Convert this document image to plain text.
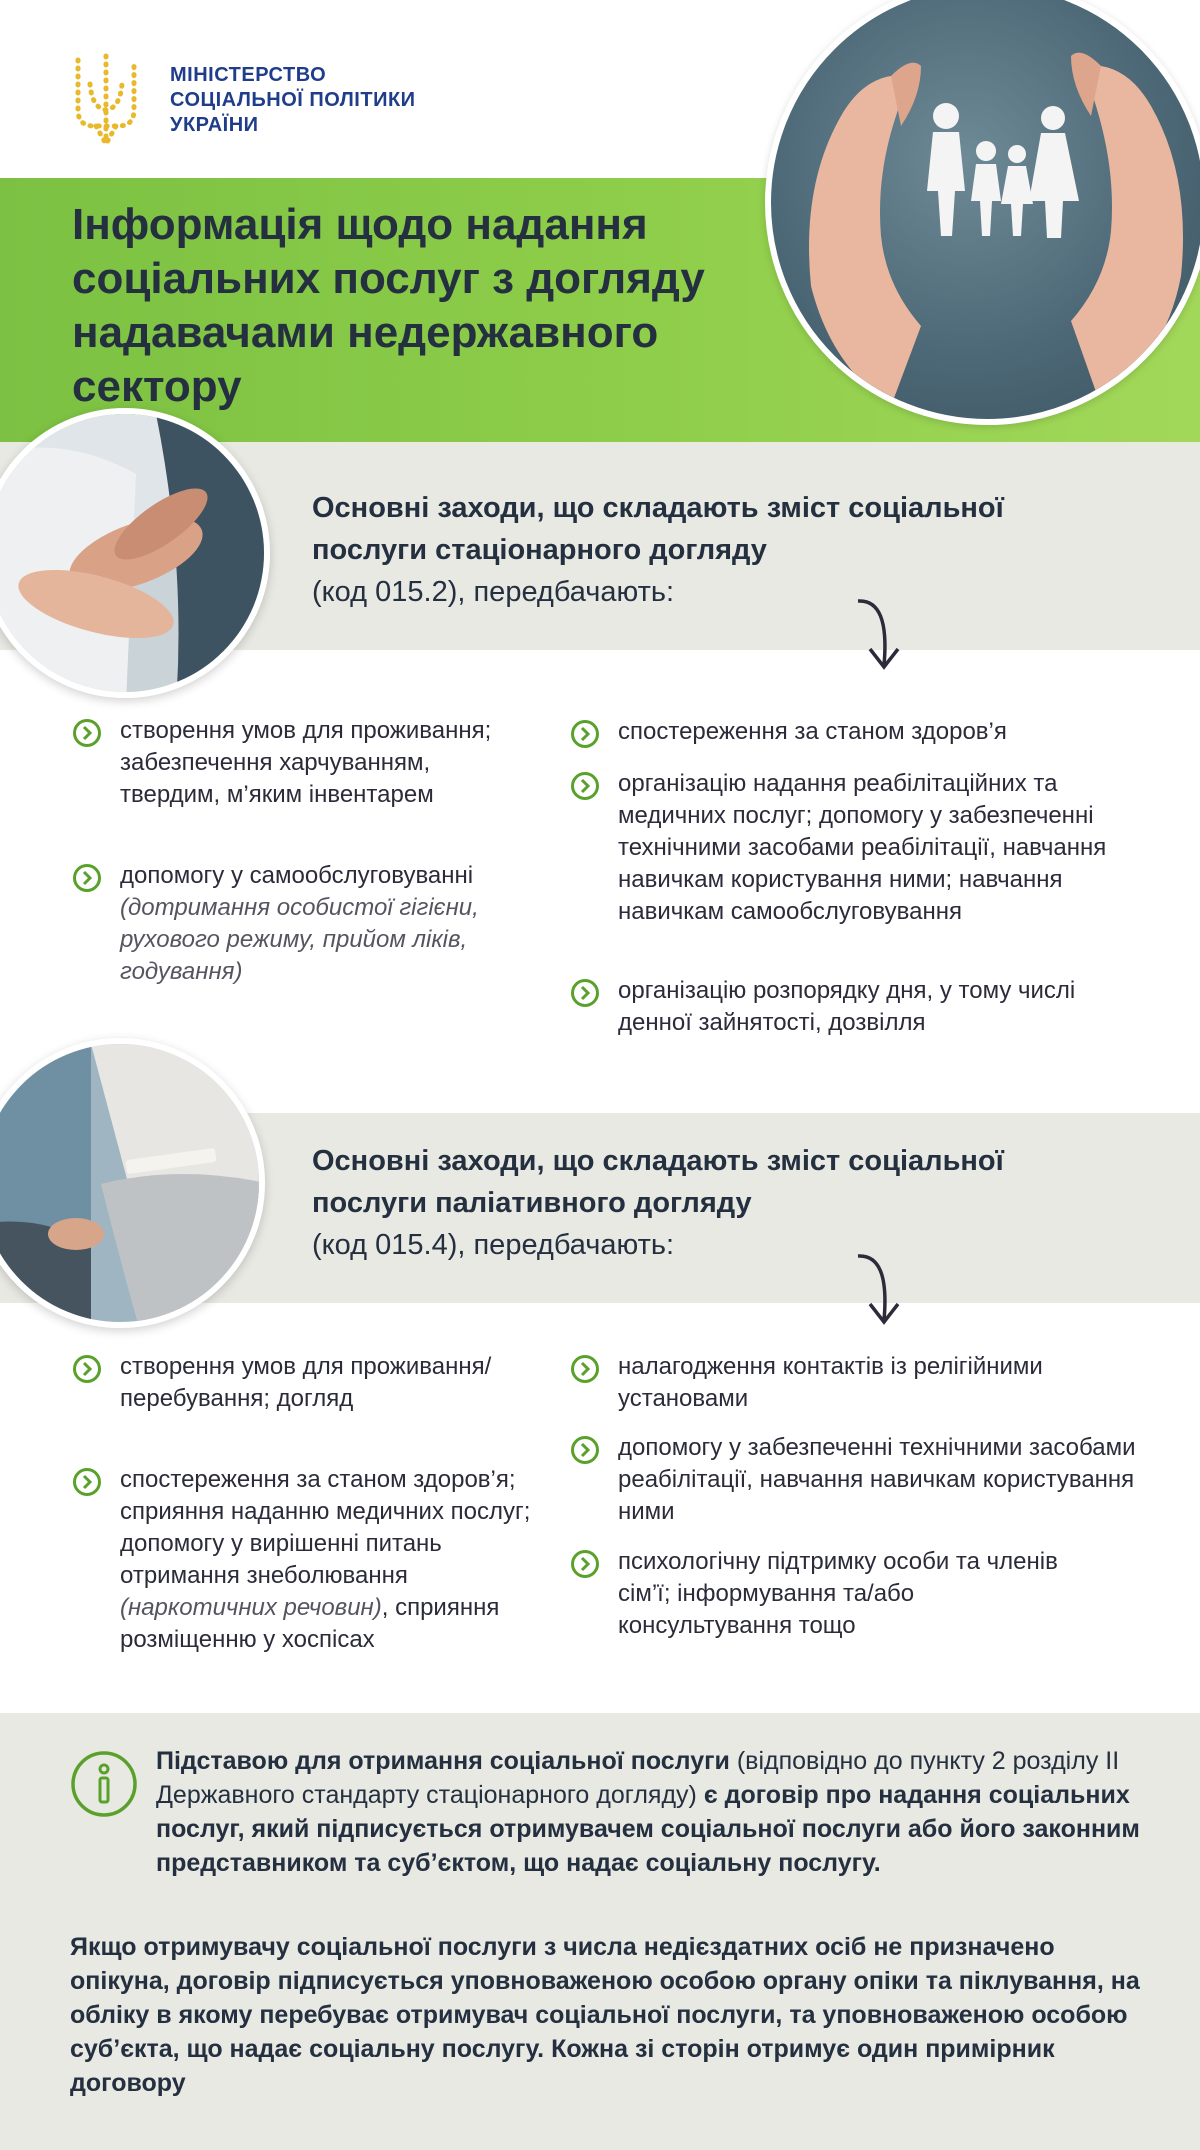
МІНІСТЕРСТВО
СОЦІАЛЬНОЇ ПОЛІТИКИ
УКРАЇНИ
Інформація щодо надання соціальних послуг з догляду надавачами недержавного сектору
Основні заходи, що складають зміст соціальної послуги стаціонарного догляду
(код 015.2), передбачають:
створення умов для проживання; забезпечення харчуванням, твердим, м’яким інвентарем
допомогу у самообслуговуванні
(дотримання особистої гігієни, рухового режиму, прийом ліків, годування)
спостереження за станом здоров’я
організацію надання реабілітаційних та медичних послуг; допомогу у забезпеченні технічними засобами реабілітації, навчання навичкам користування ними; навчання навичкам самообслуговування
організацію розпорядку дня, у тому числі денної зайнятості, дозвілля
Основні заходи, що складають зміст соціальної послуги паліативного догляду
(код 015.4), передбачають:
створення умов для проживання/перебування; догляд
спостереження за станом здоров’я; сприяння наданню медичних послуг; допомогу у вирішенні питань отримання знеболювання (наркотичних речовин), сприяння розміщенню у хоспісах
налагодження контактів із релігійними установами
допомогу у забезпеченні технічними засобами реабілітації, навчання навичкам користування ними
психологічну підтримку особи та членів сім’ї; інформування та/або консультування тощо
Підставою для отримання соціальної послуги (відповідно до пункту 2 розділу ІІ Державного стандарту стаціонарного догляду) є договір про надання соціальних послуг, який підписується отримувачем соціальної послуги або його законним представником та суб’єктом, що надає соціальну послугу.
Якщо отримувачу соціальної послуги з числа недієздатних осіб не призначено опікуна, договір підписується уповноваженою особою органу опіки та піклування, на обліку в якому перебуває отримувач соціальної послуги, та уповноваженою особою суб’єкта, що надає соціальну послугу. Кожна зі сторін отримує один примірник договору
